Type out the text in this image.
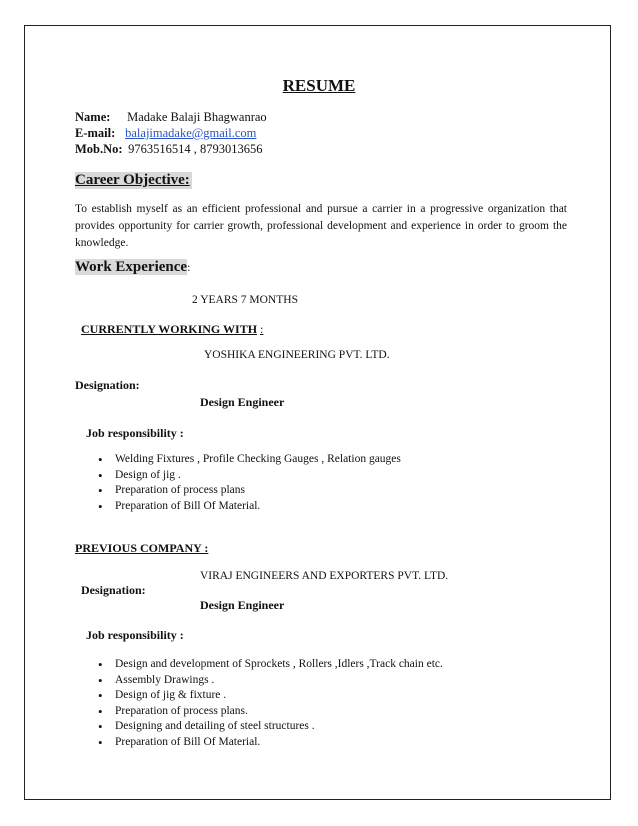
RESUME
Name: Madake Balaji Bhagwanrao
E-mail: balajimadake@gmail.com
Mob.No: 9763516514 , 8793013656
Career Objective:
To establish myself as an efficient professional and pursue a carrier in a progressive organization that provides opportunity for carrier growth, professional development and experience in order to groom the knowledge.
Work Experience:
2 YEARS 7 MONTHS
CURRENTLY WORKING WITH :
YOSHIKA ENGINEERING PVT. LTD.
Designation:
Design Engineer
Job responsibility :
• Welding Fixtures , Profile Checking Gauges , Relation gauges
• Design of jig .
• Preparation of process plans
• Preparation of Bill Of Material.
PREVIOUS COMPANY :
VIRAJ ENGINEERS AND EXPORTERS PVT. LTD.
Designation:
Design Engineer
Job responsibility :
• Design and development of Sprockets , Rollers ,Idlers ,Track chain etc.
• Assembly Drawings .
• Design of jig & fixture .
• Preparation of process plans.
• Designing and detailing of steel structures .
• Preparation of Bill Of Material.
